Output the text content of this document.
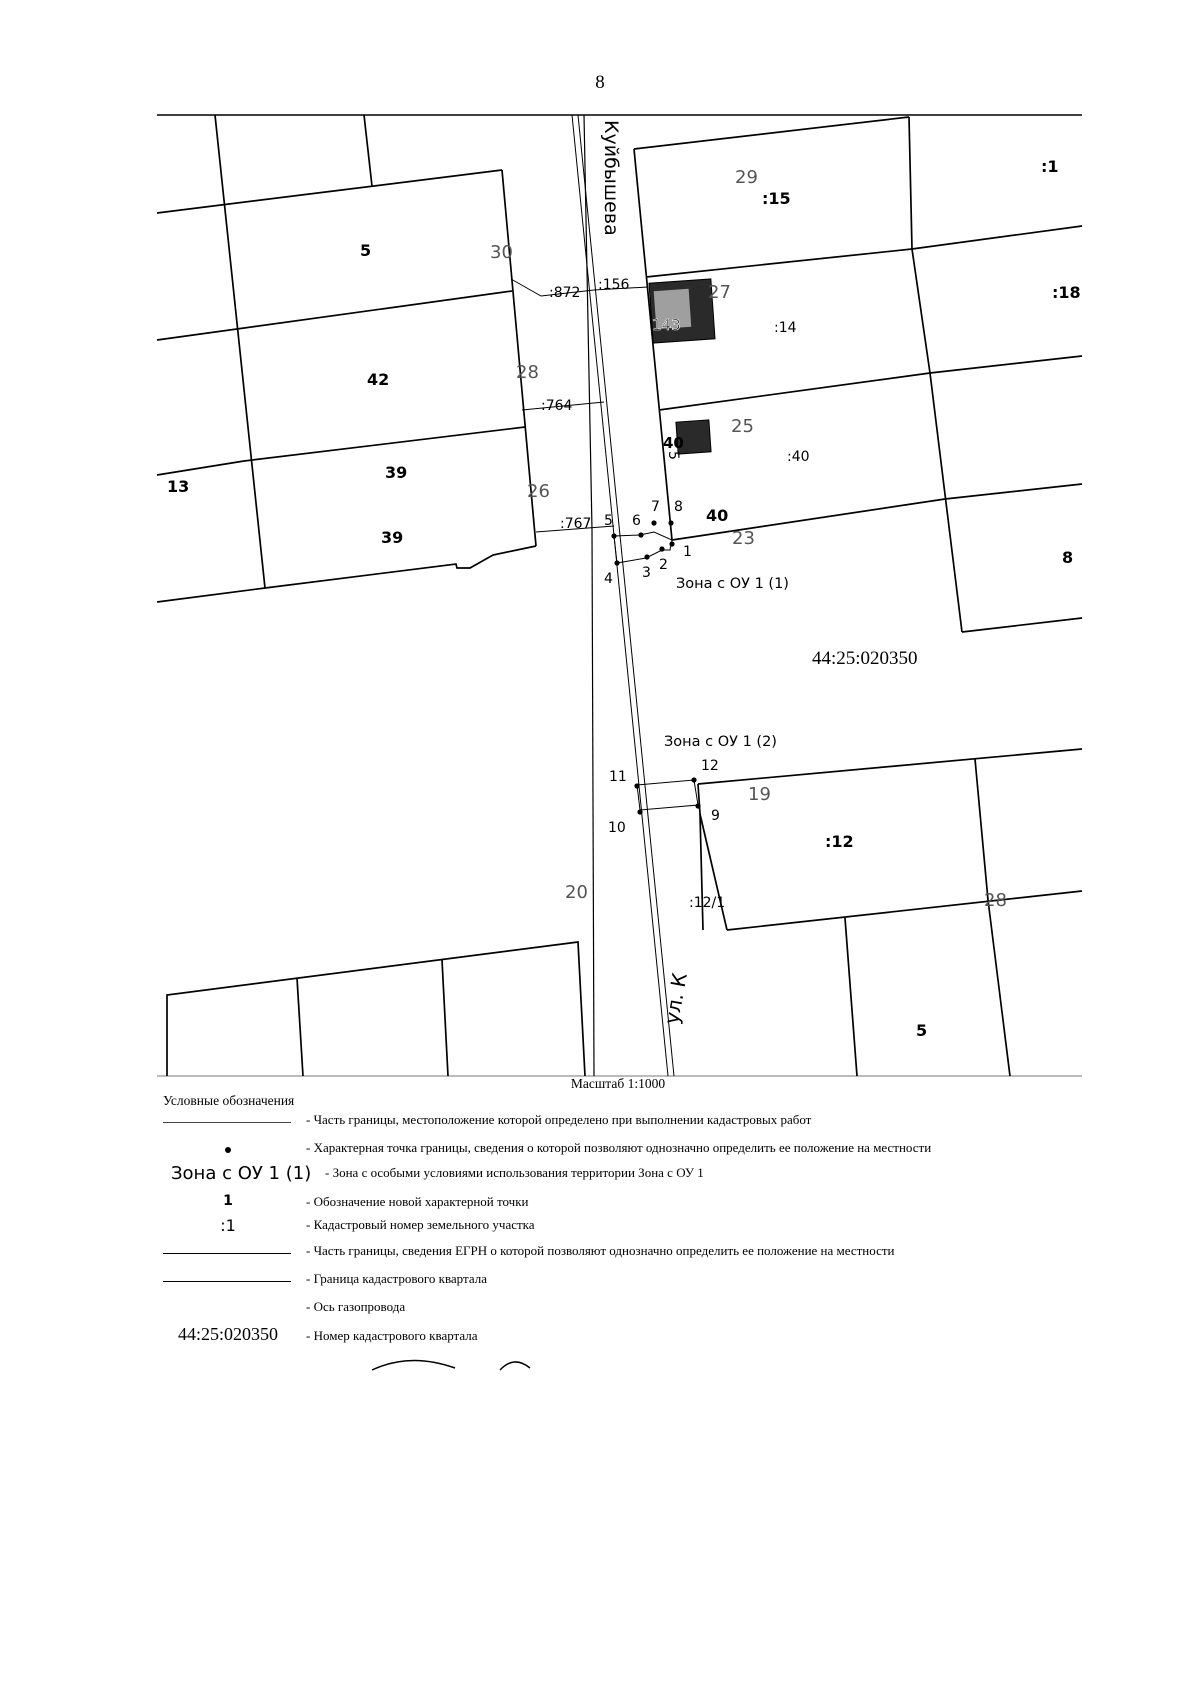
8
1
2
3
4
5 6
7 8
9
10
11
12
5	30
42	28
39
39
26
13
29
:15
:1
27
:14
:18
25
:40
40
23
8
19
:12
20	:12/1	28
5
:872 :156
:764
:767
143
40
5
Куйбышева
ул. К
Зона с ОУ 1 (1)
Зона с ОУ 1 (2)
44:25:020350
Масштаб 1:1000
Условные обозначения
- Часть границы, местоположение которой определено при выполнении кадастровых работ
- Характерная точка границы, сведения о которой позволяют однозначно определить ее положение на местности
Зона с ОУ 1 (1) - Зона с особыми условиями использования территории Зона с ОУ 1
1	- Обозначение новой характерной точки
:1	- Кадастровый номер земельного участка
- Часть границы, сведения ЕГРН о которой позволяют однозначно определить ее положение на местности
- Граница кадастрового квартала
- Ось газопровода
44:25:020350	- Номер кадастрового квартала
